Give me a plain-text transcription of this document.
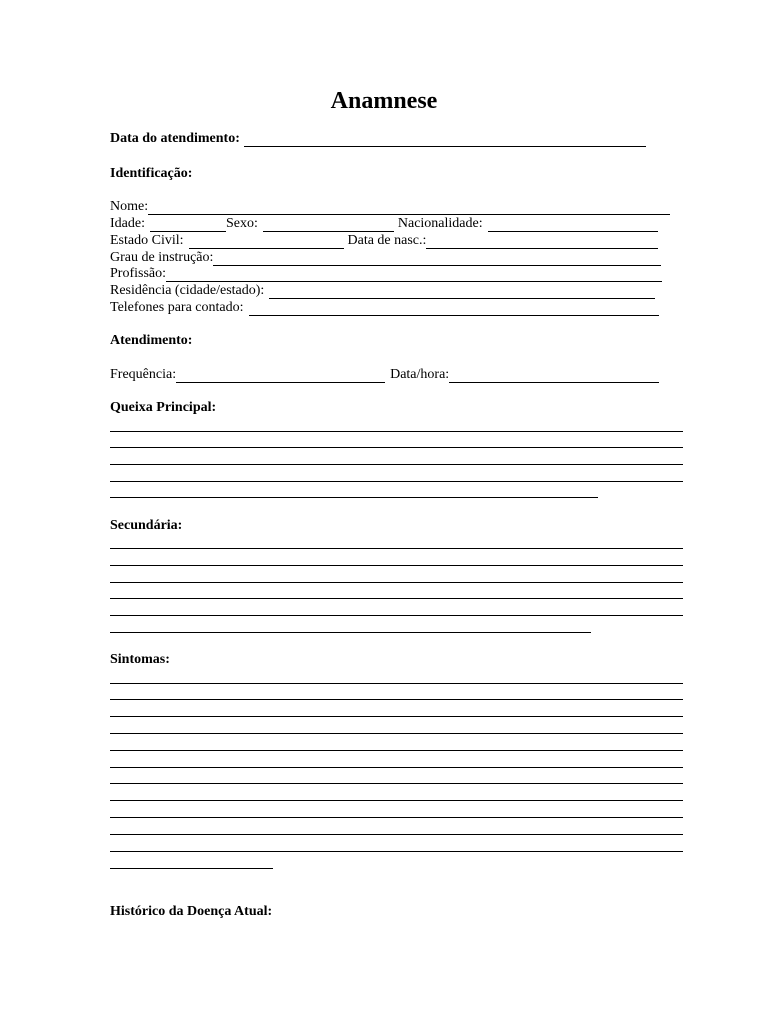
Anamnese
Data do atendimento:
Identificação:
Nome:
Idade:	Sexo:	Nacionalidade:
Estado Civil:	Data de nasc.:
Grau de instrução:
Profissão:
Residência (cidade/estado):
Telefones para contado:
Atendimento:
Frequência:	Data/hora:
Queixa Principal:
Secundária:
Sintomas:
Histórico da Doença Atual:
